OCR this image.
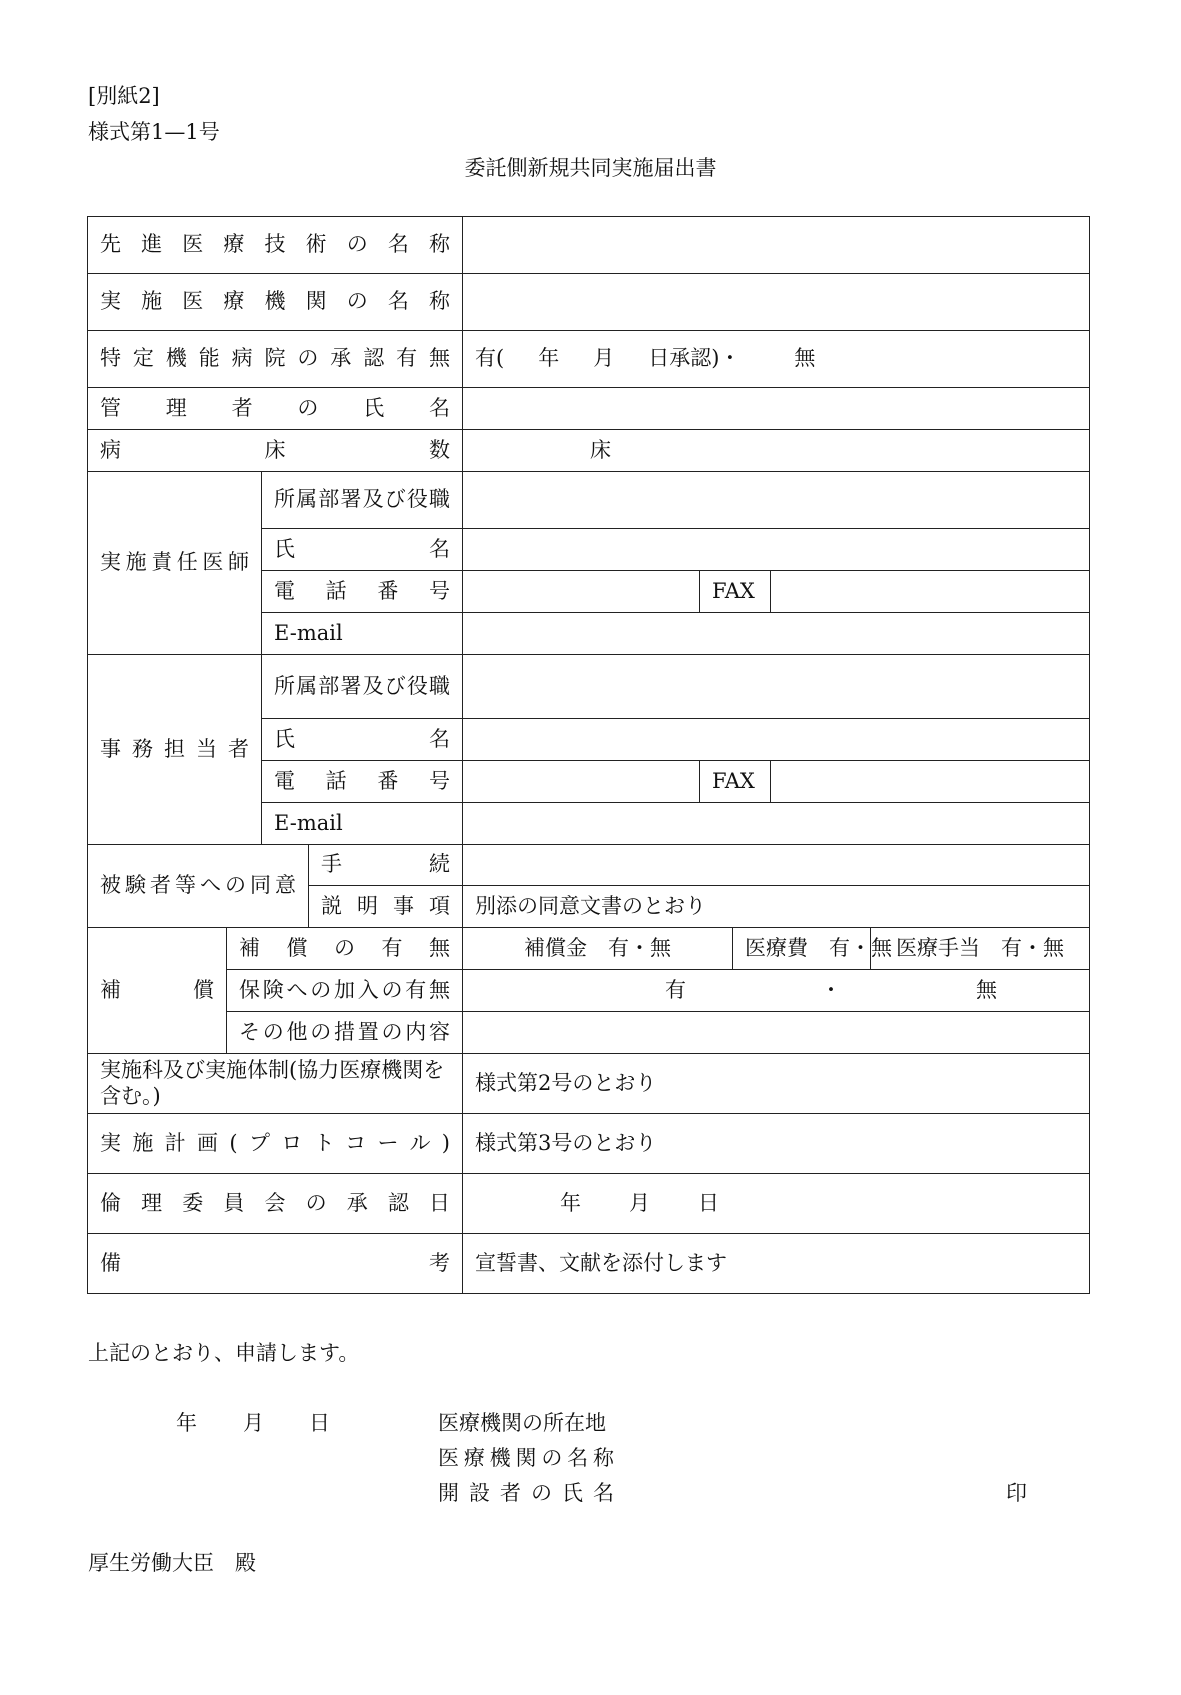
[別紙2]
様式第1—1号
委託側新規共同実施届出書
先進医療技術の名称								

実施医療機関の名称								

特定機能病院の承認有無				有( 年 月 日承認)・ 無				

管理者の氏名								

病床数				床				

実施責任医師		所属部署及び役職						

		氏名						

		電話番号			FAX			

		E-mail						

事務担当者		所属部署及び役職						

		氏名						

		電話番号			FAX			

		E-mail						

被験者等への同意			手続					

			説明事項	別添の同意文書のとおり				

補償	補償の有無			補償金　有・無		医療費　有・無		医療手当　有・無

	保険への加入の有無			有 ・ 無				

	その他の措置の内容							

実施科及び実施体制(協力医療機関を含む。)				様式第2号のとおり				

実施計画(プロトコール)				様式第3号のとおり				

倫理委員会の承認日				年 月 日				

備考				宣誓書、文献を添付します				
上記のとおり、申請します。
年 月 日	医療機関の所在地
医療機関の名称
開設者の氏名	印
厚生労働大臣　殿
